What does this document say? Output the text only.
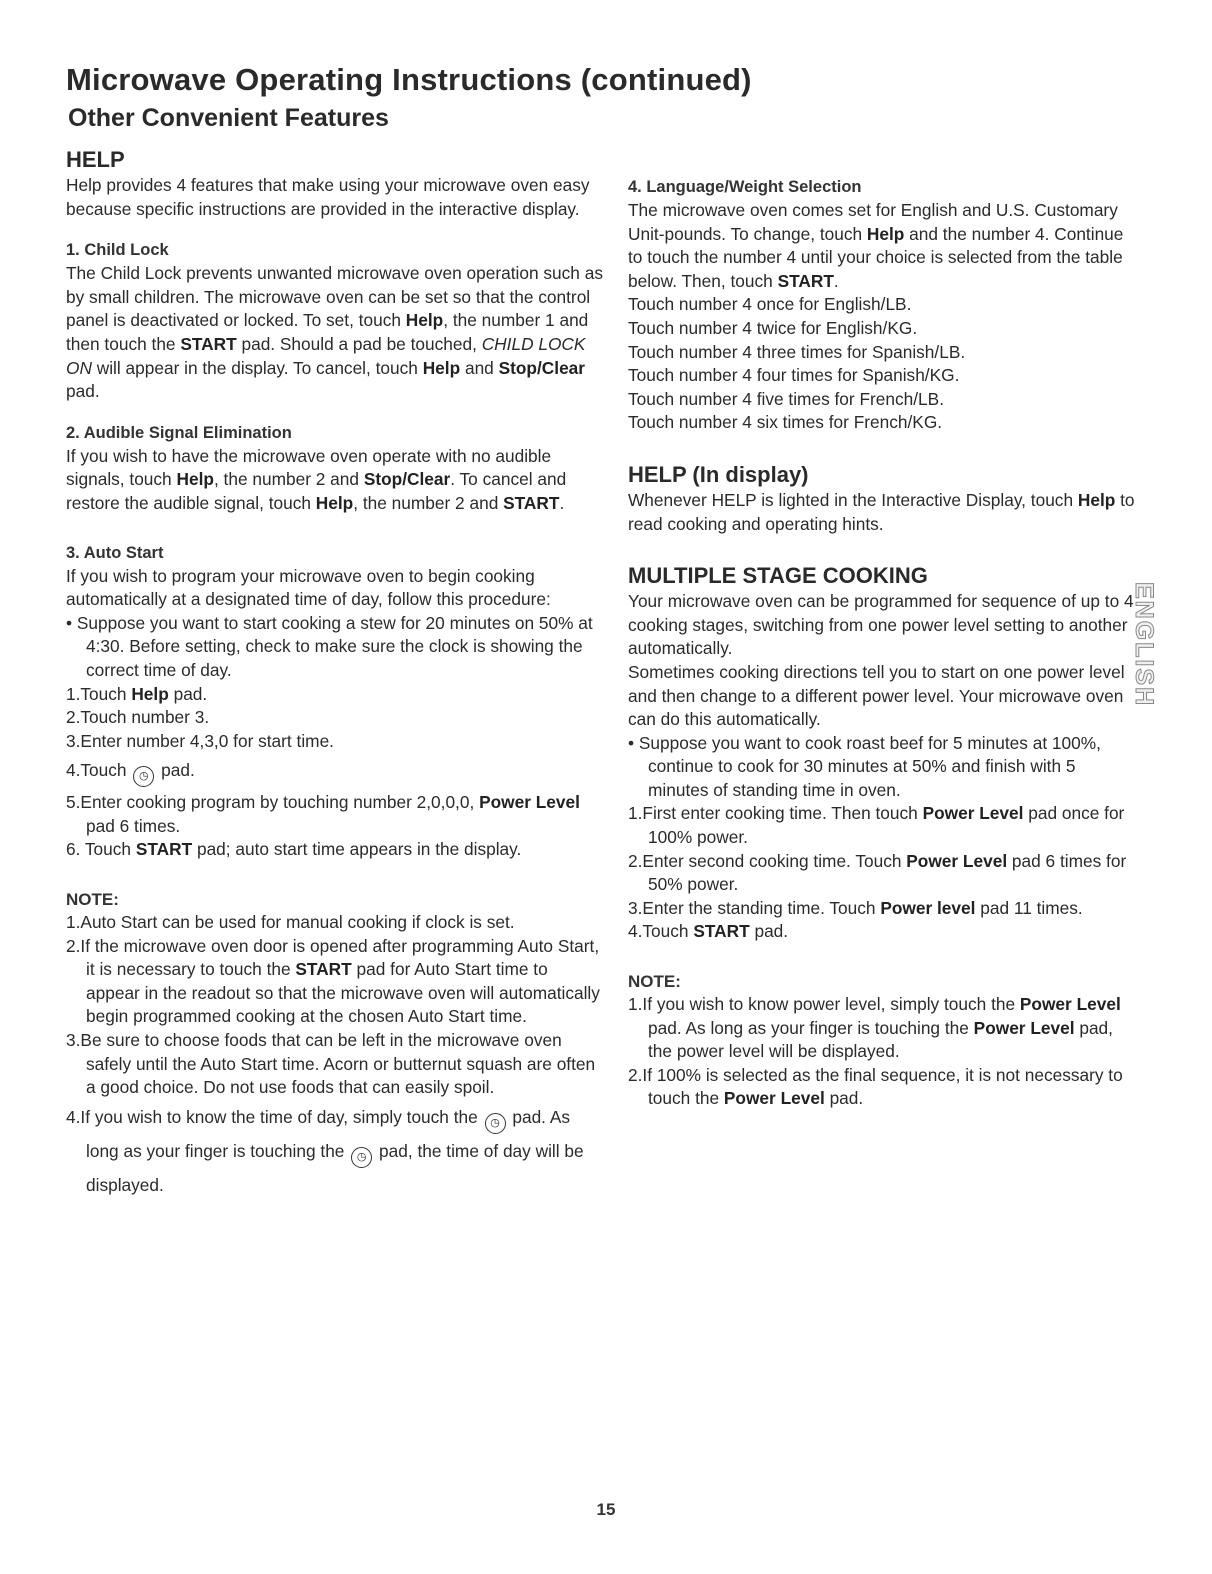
Microwave Operating Instructions (continued)
Other Convenient Features
HELP

Help provides 4 features that make using your microwave oven easy because specific instructions are provided in the interactive display.

1. Child Lock

The Child Lock prevents unwanted microwave oven operation such as by small children. The microwave oven can be set so that the control panel is deactivated or locked. To set, touch Help, the number 1 and then touch the START pad. Should a pad be touched, CHILD LOCK ON will appear in the display. To cancel, touch Help and Stop/Clear pad.

2. Audible Signal Elimination

If you wish to have the microwave oven operate with no audible signals, touch Help, the number 2 and Stop/Clear. To cancel and restore the audible signal, touch Help, the number 2 and START.

3. Auto Start

If you wish to program your microwave oven to begin cooking automatically at a designated time of day, follow this procedure:

• Suppose you want to start cooking a stew for 20 minutes on 50% at 4:30. Before setting, check to make sure the clock is showing the correct time of day.
1.Touch Help pad.
2.Touch number 3.
3.Enter number 4,3,0 for start time.
4.Touch ◷ pad.
5.Enter cooking program by touching number 2,0,0,0, Power Level pad 6 times.
6. Touch START pad; auto start time appears in the display.
NOTE:
1.Auto Start can be used for manual cooking if clock is set.
2.If the microwave oven door is opened after programming Auto Start, it is necessary to touch the START pad for Auto Start time to appear in the readout so that the microwave oven will automatically begin programmed cooking at the chosen Auto Start time.
3.Be sure to choose foods that can be left in the microwave oven safely until the Auto Start time. Acorn or butternut squash are often a good choice. Do not use foods that can easily spoil.
4.If you wish to know the time of day, simply touch the ◷ pad. As long as your finger is touching the ◷ pad, the time of day will be displayed.
4. Language/Weight Selection

The microwave oven comes set for English and U.S. Customary Unit-pounds. To change, touch Help and the number 4. Continue to touch the number 4 until your choice is selected from the table below. Then, touch START.

Touch number 4 once for English/LB.

Touch number 4 twice for English/KG.

Touch number 4 three times for Spanish/LB.

Touch number 4 four times for Spanish/KG.

Touch number 4 five times for French/LB.

Touch number 4 six times for French/KG.

HELP (In display)

Whenever HELP is lighted in the Interactive Display, touch Help to read cooking and operating hints.

MULTIPLE STAGE COOKING

Your microwave oven can be programmed for sequence of up to 4 cooking stages, switching from one power level setting to another automatically.

Sometimes cooking directions tell you to start on one power level and then change to a different power level. Your microwave oven can do this automatically.

• Suppose you want to cook roast beef for 5 minutes at 100%, continue to cook for 30 minutes at 50% and finish with 5 minutes of standing time in oven.
1.First enter cooking time. Then touch Power Level pad once for 100% power.
2.Enter second cooking time. Touch Power Level pad 6 times for 50% power.
3.Enter the standing time. Touch Power level pad 11 times.
4.Touch START pad.
NOTE:
1.If you wish to know power level, simply touch the Power Level pad. As long as your finger is touching the Power Level pad, the power level will be displayed.
2.If 100% is selected as the final sequence, it is not necessary to touch the Power Level pad.
ENGLISH
15
